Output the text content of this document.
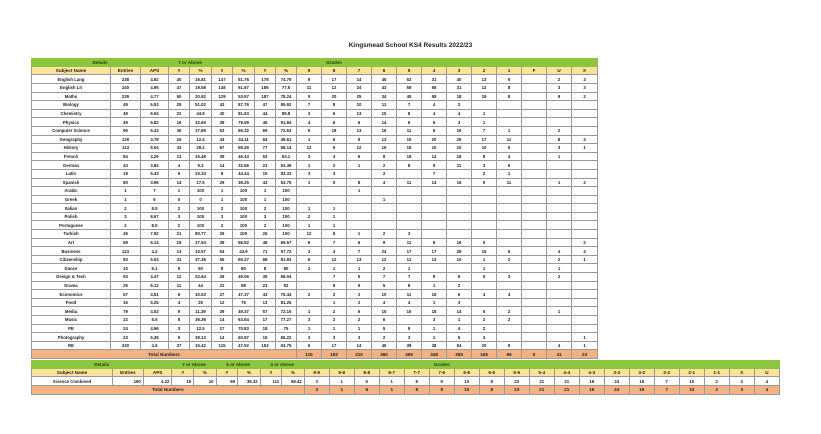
Kingsmead School KS4 Results 2022/23
Details			7 or Above						Grades											
Subject Name	Entries	APS	#	%	#	%	#	%	9	8	7	6	5	4	3	2	1	F	U	X
English Lang	238	4.92	40	16.81	147	61.76	178	74.79	9	17	14	45	62	31	40	13	5		2	3
English Lit	240	4.95	47	19.58	148	61.67	186	77.5	11	12	24	43	58	58	31	12	8		3	3
Maths	239	4.77	50	20.92	129	53.97	187	78.24	5	20	25	34	45	58	18	19	8		9	2
Biology	49	6.53	25	51.02	43	87.76	47	95.92	7	8	10	11	7	4	2					
Chemistry	49	6.04	22	44.9	40	81.63	44	89.8	3	6	13	10	8	4	4	1				
Physics	49	5.82	16	32.65	39	79.59	45	91.84	4	6	6	14	9	6	3	1				
Computer Science	95	5.43	36	37.89	63	66.32	69	72.63	5	18	13	16	11	6	16	7	1		2	
Geography	129	3.78	16	12.4	44	34.11	64	49.61	1	6	9	13	15	20	29	17	11		8	3
History	113	5.04	33	29.2	67	59.29	77	68.14	12	9	12	16	18	10	10	10	5		3	1
French	84	4.29	13	15.48	39	46.43	53	63.1	3	4	6	8	18	14	18	8	4		1	
German	43	3.84	4	9.3	14	32.56	23	53.49	1	2	1	2	8	9	11	3	6			
Latin	18	5.33	6	33.33	8	44.44	15	83.33	3	3		2		7		2	1			
Spanish	80	3.96	14	17.5	29	36.25	43	53.75	1	5	8	4	11	14	16	9	11		1	2
Arabic	1	7	1	100	1	100	1	100			1									
Greek	1	6	0	0	1	100	1	100				1								
Italian	2	8.5	2	100	2	100	2	100	1	1										
Polish	3	8.67	3	100	3	100	3	100	2	1										
Portuguese	2	8.5	2	100	2	100	2	100	1	1										
Turkish	26	7.92	21	80.77	26	100	26	100	12	8	1	2	3							
Art	69	5.14	19	27.54	39	56.52	48	69.57	6	7	6	9	11	9	16	5				2
Business	123	4.2	13	10.57	54	43.9	71	57.72	3	3	7	24	17	17	28	15	5		4	4
Citizenship	83	5.53	31	37.35	55	66.27	68	81.93	6	12	13	12	12	13	10	1	2		2	1
Dance	10	6.1	5	50	8	80	8	80	2	1	1	2	1			1			1	
Design & Tech	53	4.47	12	22.64	26	49.06	35	66.04		7	5	7	7	9	6	5	3		2	
Drama	25	6.12	11	44	22	88	23	92		8	5	5	8	1	2					
Economics	57	4.51	6	10.53	27	47.37	43	75.44	2	2	2	10	11	16	6	4	4			
Food	16	5.25	4	25	12	75	13	81.25		1	2	4	4	1	3					
Media	79	4.53	9	11.39	39	49.37	57	72.15	1	2	6	15	15	18	14	5	2		1	
Music	22	5.5	8	36.36	14	63.64	17	77.27	3	2	2	6		3	1	2	2			
PE	24	4.96	3	12.5	17	70.83	18	75	1	1	1	5	9	1	4	2				
Photography	23	5.39	9	39.13	14	60.87	15	65.22	3	3	3	2	3	1	5	3				1
RE	240	4.5	37	15.42	115	47.92	153	63.75	6	17	14	46	38	38	54	20	9		4	1
Total Numbers									115	193	210	360	409	348	355	165	89	0	41	23
Details			7 or Above		5 or Above		4 or Above				Grades																
Subject Name	Entries	APS	#	%	#	%	#	%	9-9	9-8	8-8	8-7	7-7	7-6	6-6	6-5	5-5	5-4	4-4	4-3	3-3	3-2	2-2	2-1	1-1	X	U
Science Combined	190	4.22	19	10	69	36.32	111	58.42	3	1	6	1	8	9	10	8	23	21	21	16	24	16	7	10	2	2	4
Total Numbers									3	1	6	1	8	9	10	8	23	21	21	16	24	16	7	10	2	3	4
